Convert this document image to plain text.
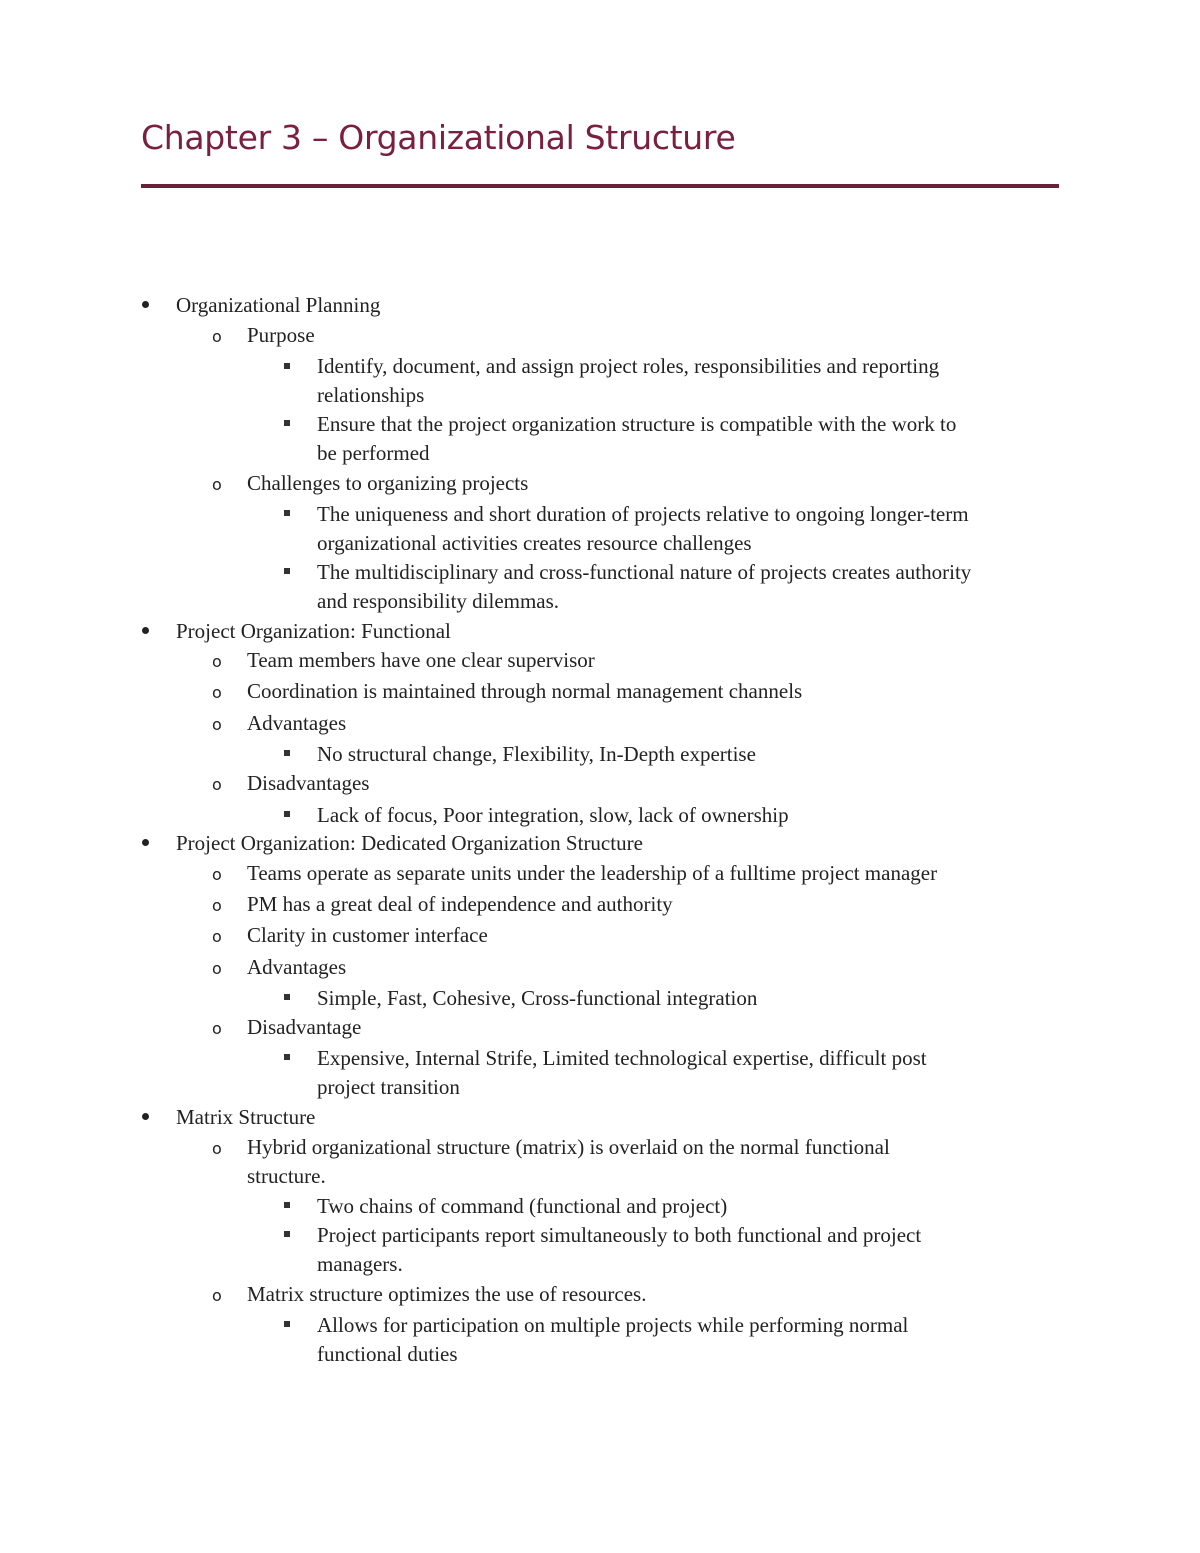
Chapter 3 – Organizational Structure
Organizational Planning
o Purpose
Identify, document, and assign project roles, responsibilities and reporting
relationships
Ensure that the project organization structure is compatible with the work to
be performed
o Challenges to organizing projects
The uniqueness and short duration of projects relative to ongoing longer-term
organizational activities creates resource challenges
The multidisciplinary and cross-functional nature of projects creates authority
and responsibility dilemmas.
Project Organization: Functional
o Team members have one clear supervisor
o Coordination is maintained through normal management channels
o Advantages
No structural change, Flexibility, In-Depth expertise
o Disadvantages
Lack of focus, Poor integration, slow, lack of ownership
Project Organization: Dedicated Organization Structure
o Teams operate as separate units under the leadership of a fulltime project manager
o PM has a great deal of independence and authority
o Clarity in customer interface
o Advantages
Simple, Fast, Cohesive, Cross-functional integration
o Disadvantage
Expensive, Internal Strife, Limited technological expertise, difficult post
project transition
Matrix Structure
o Hybrid organizational structure (matrix) is overlaid on the normal functional
structure.
Two chains of command (functional and project)
Project participants report simultaneously to both functional and project
managers.
o Matrix structure optimizes the use of resources.
Allows for participation on multiple projects while performing normal
functional duties
